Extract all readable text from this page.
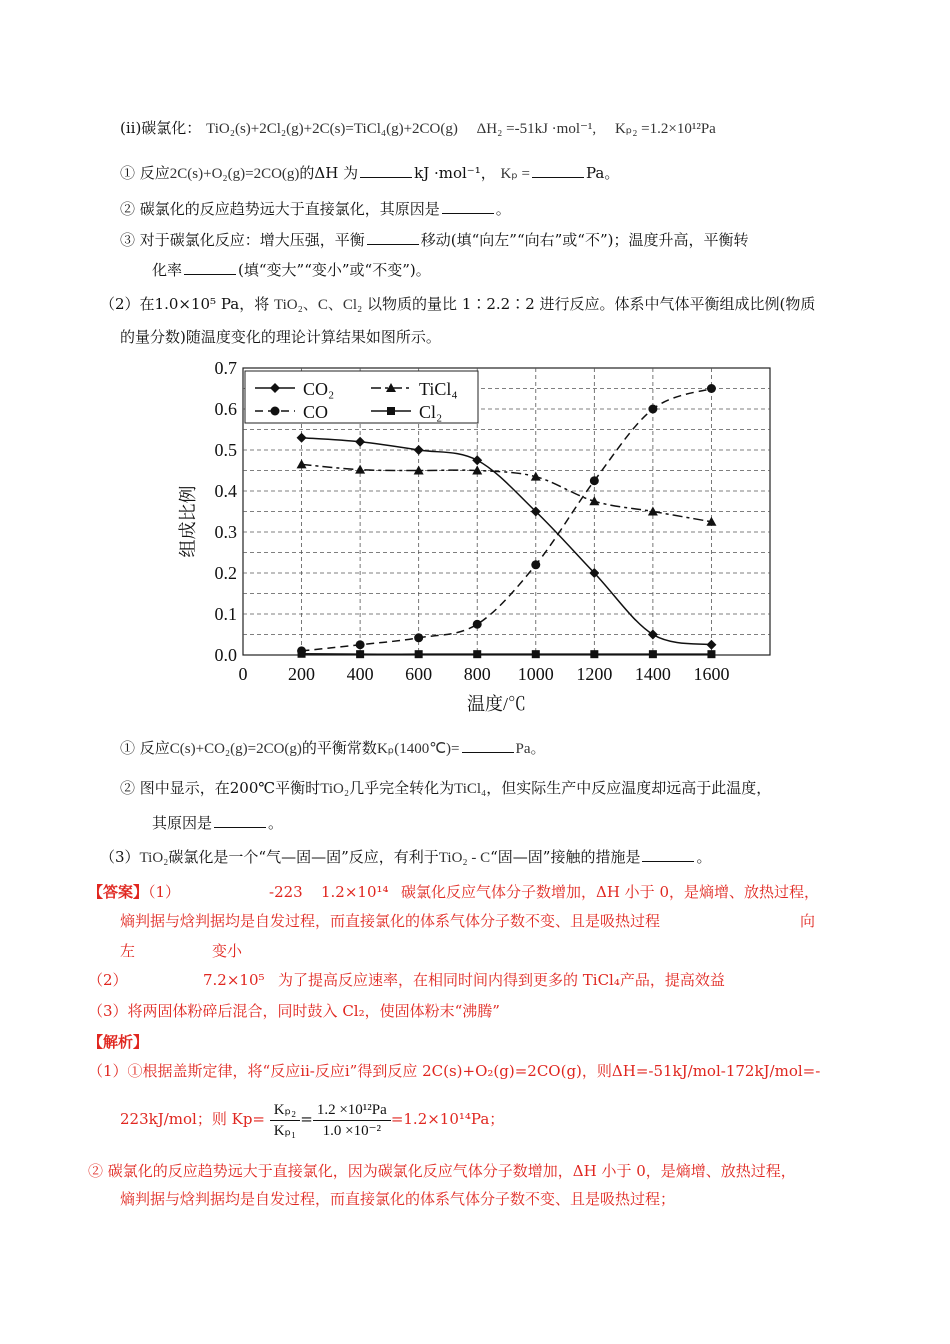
(ii)碳氯化： TiO₂(s)+2Cl₂(g)+2C(s)=TiCl₄(g)+2CO(g) ΔH₂ =-51kJ ·mol⁻¹, Kₚ₂ =1.2×10¹²Pa
① 反应2C(s)+O₂(g)=2CO(g)的ΔH 为	kJ ·mol⁻¹， Kₚ =	Pa。
② 碳氯化的反应趋势远大于直接氯化，其原因是	。
③ 对于碳氯化反应：增大压强，平衡	移动(填“向左”“向右”或“不”)；温度升高，平衡转
化率	(填“变大”“变小”或“不变”)。
（2）在1.0×10⁵ Pa，将 TiO₂、C、Cl₂ 以物质的量比 1∶2.2∶2 进行反应。体系中气体平衡组成比例(物质
的量分数)随温度变化的理论计算结果如图所示。
0.0
0.1
0.2
0.3
0.4
0.5
0.6
0.7
0 200 400 600 800 1000 1200 1400 1600
温度/℃
组成比例
CO₂	TiCl₄
CO	Cl₂
① 反应C(s)+CO₂(g)=2CO(g)的平衡常数Kₚ(1400℃)=	Pa。
② 图中显示，在200℃平衡时TiO₂几乎完全转化为TiCl₄，但实际生产中反应温度却远高于此温度，
其原因是	。
（3）TiO₂碳氯化是一个“气—固—固”反应，有利于TiO₂ - C“固—固”接触的措施是	。
【答案】（1）	-223 1.2×10¹⁴ 碳氯化反应气体分子数增加，ΔH 小于 0，是熵增、放热过程，
熵判据与焓判据均是自发过程，而直接氯化的体系气体分子数不变、且是吸热过程	向
左	变小
（2）	7.2×10⁵ 为了提高反应速率，在相同时间内得到更多的 TiCl₄产品，提高效益
（3）将两固体粉碎后混合，同时鼓入 Cl₂，使固体粉末“沸腾”
【解析】
（1）①根据盖斯定律，将“反应ⅱ-反应ⅰ”得到反应 2C(s)+O₂(g)=2CO(g)，则ΔH=-51kJ/mol-172kJ/mol=-
223kJ/mol；则 $Kp= \frac{\text{Kₚ₂}}{\text{Kₚ₁}} = \frac{\text{1.2 ×10¹²Pa}}{\text{1.0 ×10⁻²}} =1.2\times 10^{14}Pa$；
② 碳氯化的反应趋势远大于直接氯化，因为碳氯化反应气体分子数增加，ΔH 小于 0，是熵增、放热过程，
熵判据与焓判据均是自发过程，而直接氯化的体系气体分子数不变、且是吸热过程；
